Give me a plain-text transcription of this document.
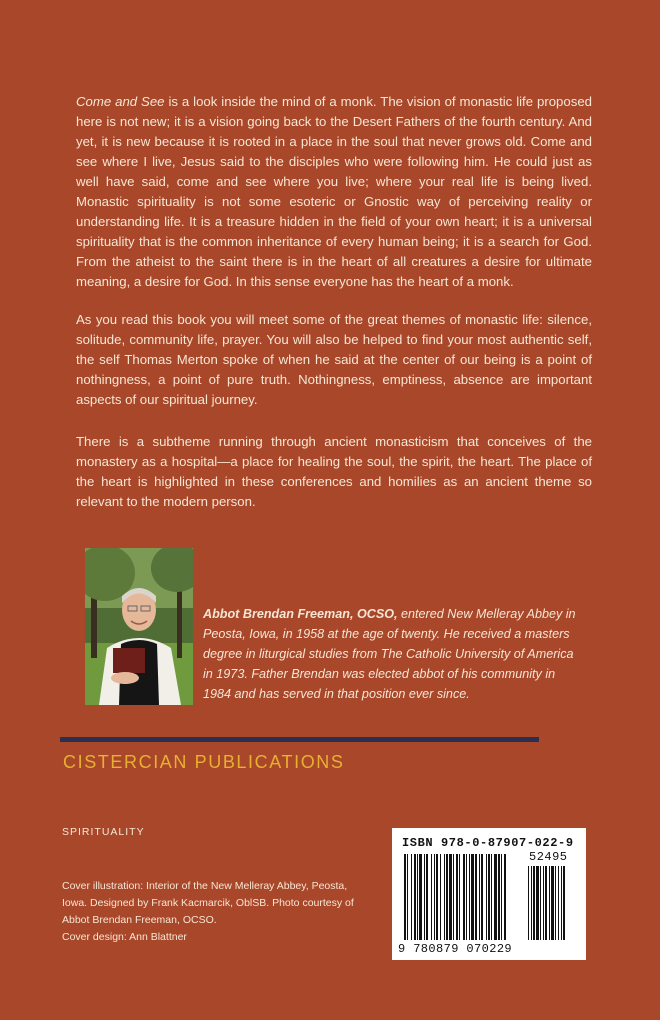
Come and See is a look inside the mind of a monk. The vision of monastic life proposed here is not new; it is a vision going back to the Desert Fathers of the fourth century. And yet, it is new because it is rooted in a place in the soul that never grows old. Come and see where I live, Jesus said to the disciples who were following him. He could just as well have said, come and see where you live; where your real life is being lived. Monastic spirituality is not some esoteric or Gnostic way of perceiving reality or understanding life. It is a treasure hidden in the field of your own heart; it is a universal spirituality that is the common inheritance of every human being; it is a search for God. From the atheist to the saint there is in the heart of all creatures a desire for ultimate meaning, a desire for God. In this sense everyone has the heart of a monk.

As you read this book you will meet some of the great themes of monastic life: silence, solitude, community life, prayer. You will also be helped to find your most authentic self, the self Thomas Merton spoke of when he said at the center of our being is a point of nothingness, a point of pure truth. Nothingness, emptiness, absence are important aspects of our spiritual journey.

There is a subtheme running through ancient monasticism that conceives of the monastery as a hospital—a place for healing the soul, the spirit, the heart. The place of the heart is highlighted in these conferences and homilies as an ancient theme so relevant to the modern person.

Abbot Brendan Freeman, OCSO, entered New Melleray Abbey in Peosta, Iowa, in 1958 at the age of twenty. He received a masters degree in liturgical studies from The Catholic University of America in 1973. Father Brendan was elected abbot of his community in 1984 and has served in that position ever since.

CISTERCIAN PUBLICATIONS

SPIRITUALITY

Cover illustration: Interior of the New Melleray Abbey, Peosta, Iowa. Designed by Frank Kacmarcik, OblSB. Photo courtesy of Abbot Brendan Freeman, OCSO.
Cover design: Ann Blattner
ISBN 978-0-87907-022-9
52495
9 780879 070229
